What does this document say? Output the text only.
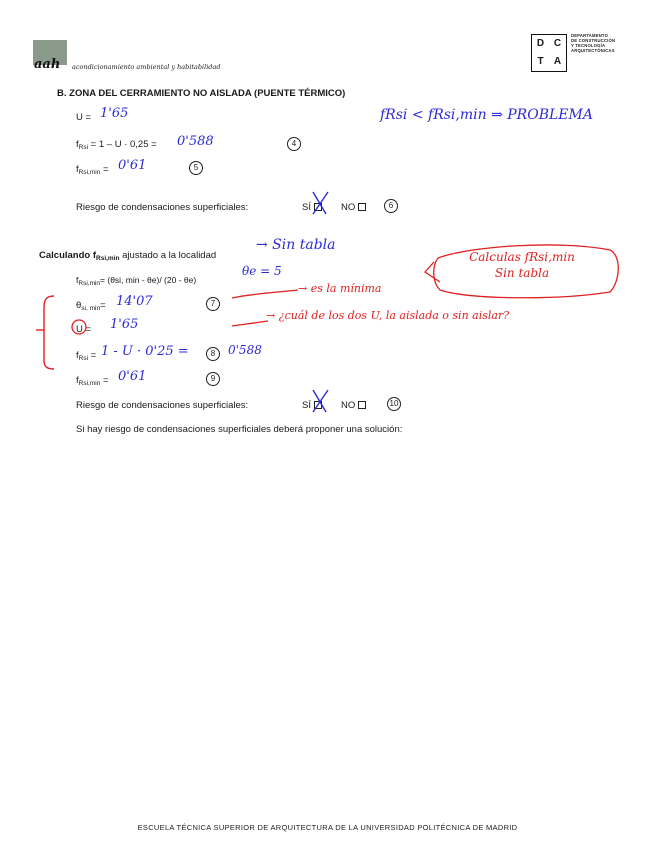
aah acondicionamiento ambiental y habitabilidad
D C
T	A
DEPARTAMENTO
DE CONSTRUCCIÓN
Y TECNOLOGÍA
ARQUITECTÓNICAS
B. ZONA DEL CERRAMIENTO NO AISLADA (PUENTE TÉRMICO)
U = 1'65
$f_{Rsi} = 1 - U \cdot 0,25 = 0'588$	4
$f_{Rsi,min} = 0'61$	5
Riesgo de condensaciones superficiales:	SÍ	NO	6
Calculando $f_{Rsi,min}$ ajustado a la localidad
$f_{Rsi,min}= (\theta si$, min - θe)/ (20 - θe)
$\theta_{si, min}= 14'07$	7
U = 1'65
$f_{Rsi} = 1 - U \cdot 0'25$ =	8	0'588
$f_{Rsi,min} = 0'61$	9
Riesgo de condensaciones superficiales:	SÍ	NO	10
Si hay riesgo de condensaciones superficiales deberá proponer una solución:
fRsi < fRsi,min ⇒ PROBLEMA
→ Sin tabla
θe = 5
→ es la mínima
→ ¿cuál de los dos U, la aislada o sin aislar?
Calculas fRsi,min
Sin tabla
ESCUELA TÉCNICA SUPERIOR DE ARQUITECTURA DE LA UNIVERSIDAD POLITÉCNICA DE MADRID
